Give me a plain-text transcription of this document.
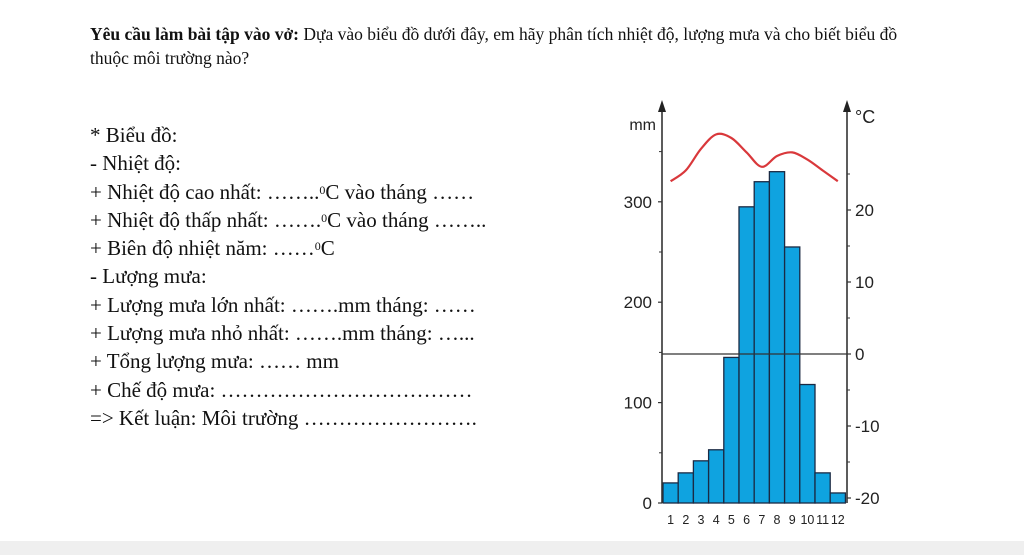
Yêu cầu làm bài tập vào vở: Dựa vào biểu đồ dưới đây, em hãy phân tích nhiệt độ, lượng mưa và cho biết biểu đồ thuộc môi trường nào?
* Biểu đồ:
- Nhiệt độ:
+ Nhiệt độ cao nhất: ……..$^0$C vào tháng ……
+ Nhiệt độ thấp nhất: …….$^0$C vào tháng ……..
+ Biên độ nhiệt năm: ……$^0$C
- Lượng mưa:
+ Lượng mưa lớn nhất: …….mm tháng: ……
+ Lượng mưa nhỏ nhất: …….mm tháng: …...
+ Tổng lượng mưa: …… mm
+ Chế độ mưa: ………………………………
=> Kết luận: Môi trường …………………….
0
100
200
300
-20
-10
0
10
20
mm	°C
1 2 3 4 5 6 7 8 9 10 11 12
